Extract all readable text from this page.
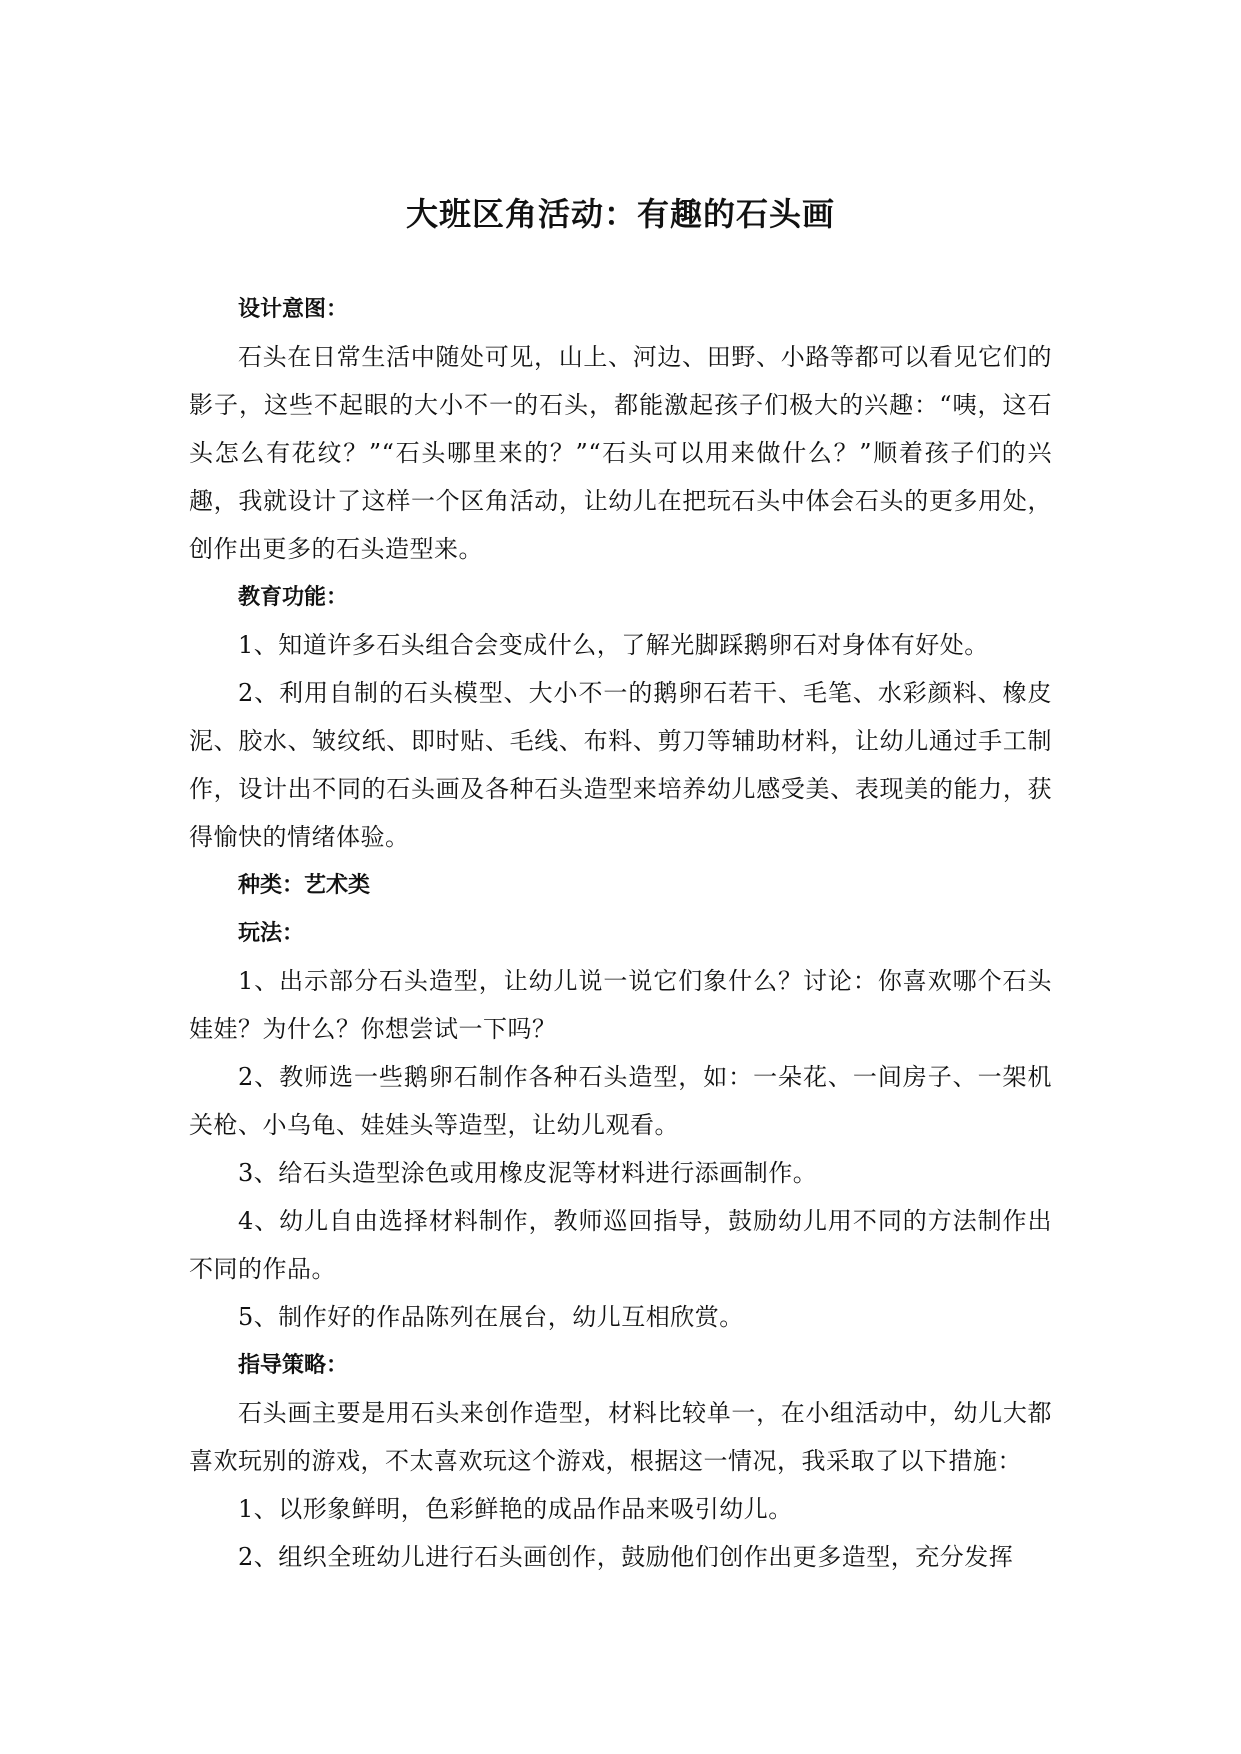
大班区角活动：有趣的石头画

设计意图：

石头在日常生活中随处可见，山上、河边、田野、小路等都可以看见它们的影子，这些不起眼的大小不一的石头，都能激起孩子们极大的兴趣：“咦，这石头怎么有花纹？”“石头哪里来的？”“石头可以用来做什么？”顺着孩子们的兴趣，我就设计了这样一个区角活动，让幼儿在把玩石头中体会石头的更多用处，创作出更多的石头造型来。

教育功能：

1、知道许多石头组合会变成什么，了解光脚踩鹅卵石对身体有好处。

2、利用自制的石头模型、大小不一的鹅卵石若干、毛笔、水彩颜料、橡皮泥、胶水、皱纹纸、即时贴、毛线、布料、剪刀等辅助材料，让幼儿通过手工制作，设计出不同的石头画及各种石头造型来培养幼儿感受美、表现美的能力，获得愉快的情绪体验。

种类：艺术类

玩法：

1、出示部分石头造型，让幼儿说一说它们象什么？讨论：你喜欢哪个石头娃娃？为什么？你想尝试一下吗？

2、教师选一些鹅卵石制作各种石头造型，如：一朵花、一间房子、一架机关枪、小乌龟、娃娃头等造型，让幼儿观看。

3、给石头造型涂色或用橡皮泥等材料进行添画制作。

4、幼儿自由选择材料制作，教师巡回指导，鼓励幼儿用不同的方法制作出不同的作品。

5、制作好的作品陈列在展台，幼儿互相欣赏。

指导策略：

石头画主要是用石头来创作造型，材料比较单一，在小组活动中，幼儿大都喜欢玩别的游戏，不太喜欢玩这个游戏，根据这一情况，我采取了以下措施：

1、以形象鲜明，色彩鲜艳的成品作品来吸引幼儿。

2、组织全班幼儿进行石头画创作，鼓励他们创作出更多造型，充分发挥
